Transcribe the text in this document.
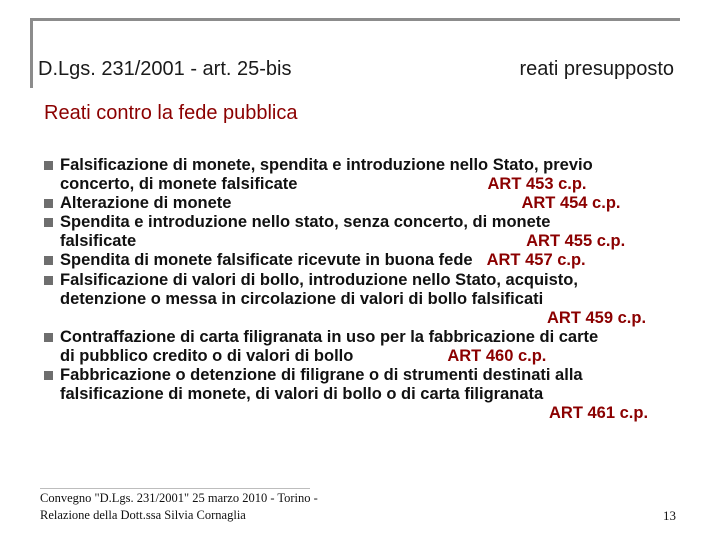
D.Lgs. 231/2001 - art. 25-bis	reati presupposto
Reati contro la fede pubblica
Falsificazione di monete, spendita e introduzione nello Stato, previo
concerto, di monete falsificate	ART 453 c.p.
Alterazione di monete	ART 454 c.p.
Spendita e introduzione nello stato, senza concerto, di monete
falsificate	ART 455 c.p.
Spendita di monete falsificate ricevute in buona fede ART 457 c.p.
Falsificazione di valori di bollo, introduzione nello Stato, acquisto,
detenzione o messa in circolazione di valori di bollo falsificati
ART 459 c.p.
Contraffazione di carta filigranata in uso per la fabbricazione di carte
di pubblico credito o di valori di bollo	ART 460 c.p.
Fabbricazione o detenzione di filigrane o di strumenti destinati alla
falsificazione di monete, di valori di bollo o di carta filigranata
ART 461 c.p.
Convegno "D.Lgs. 231/2001" 25 marzo 2010 - Torino -
Relazione della Dott.ssa Silvia Cornaglia	13
